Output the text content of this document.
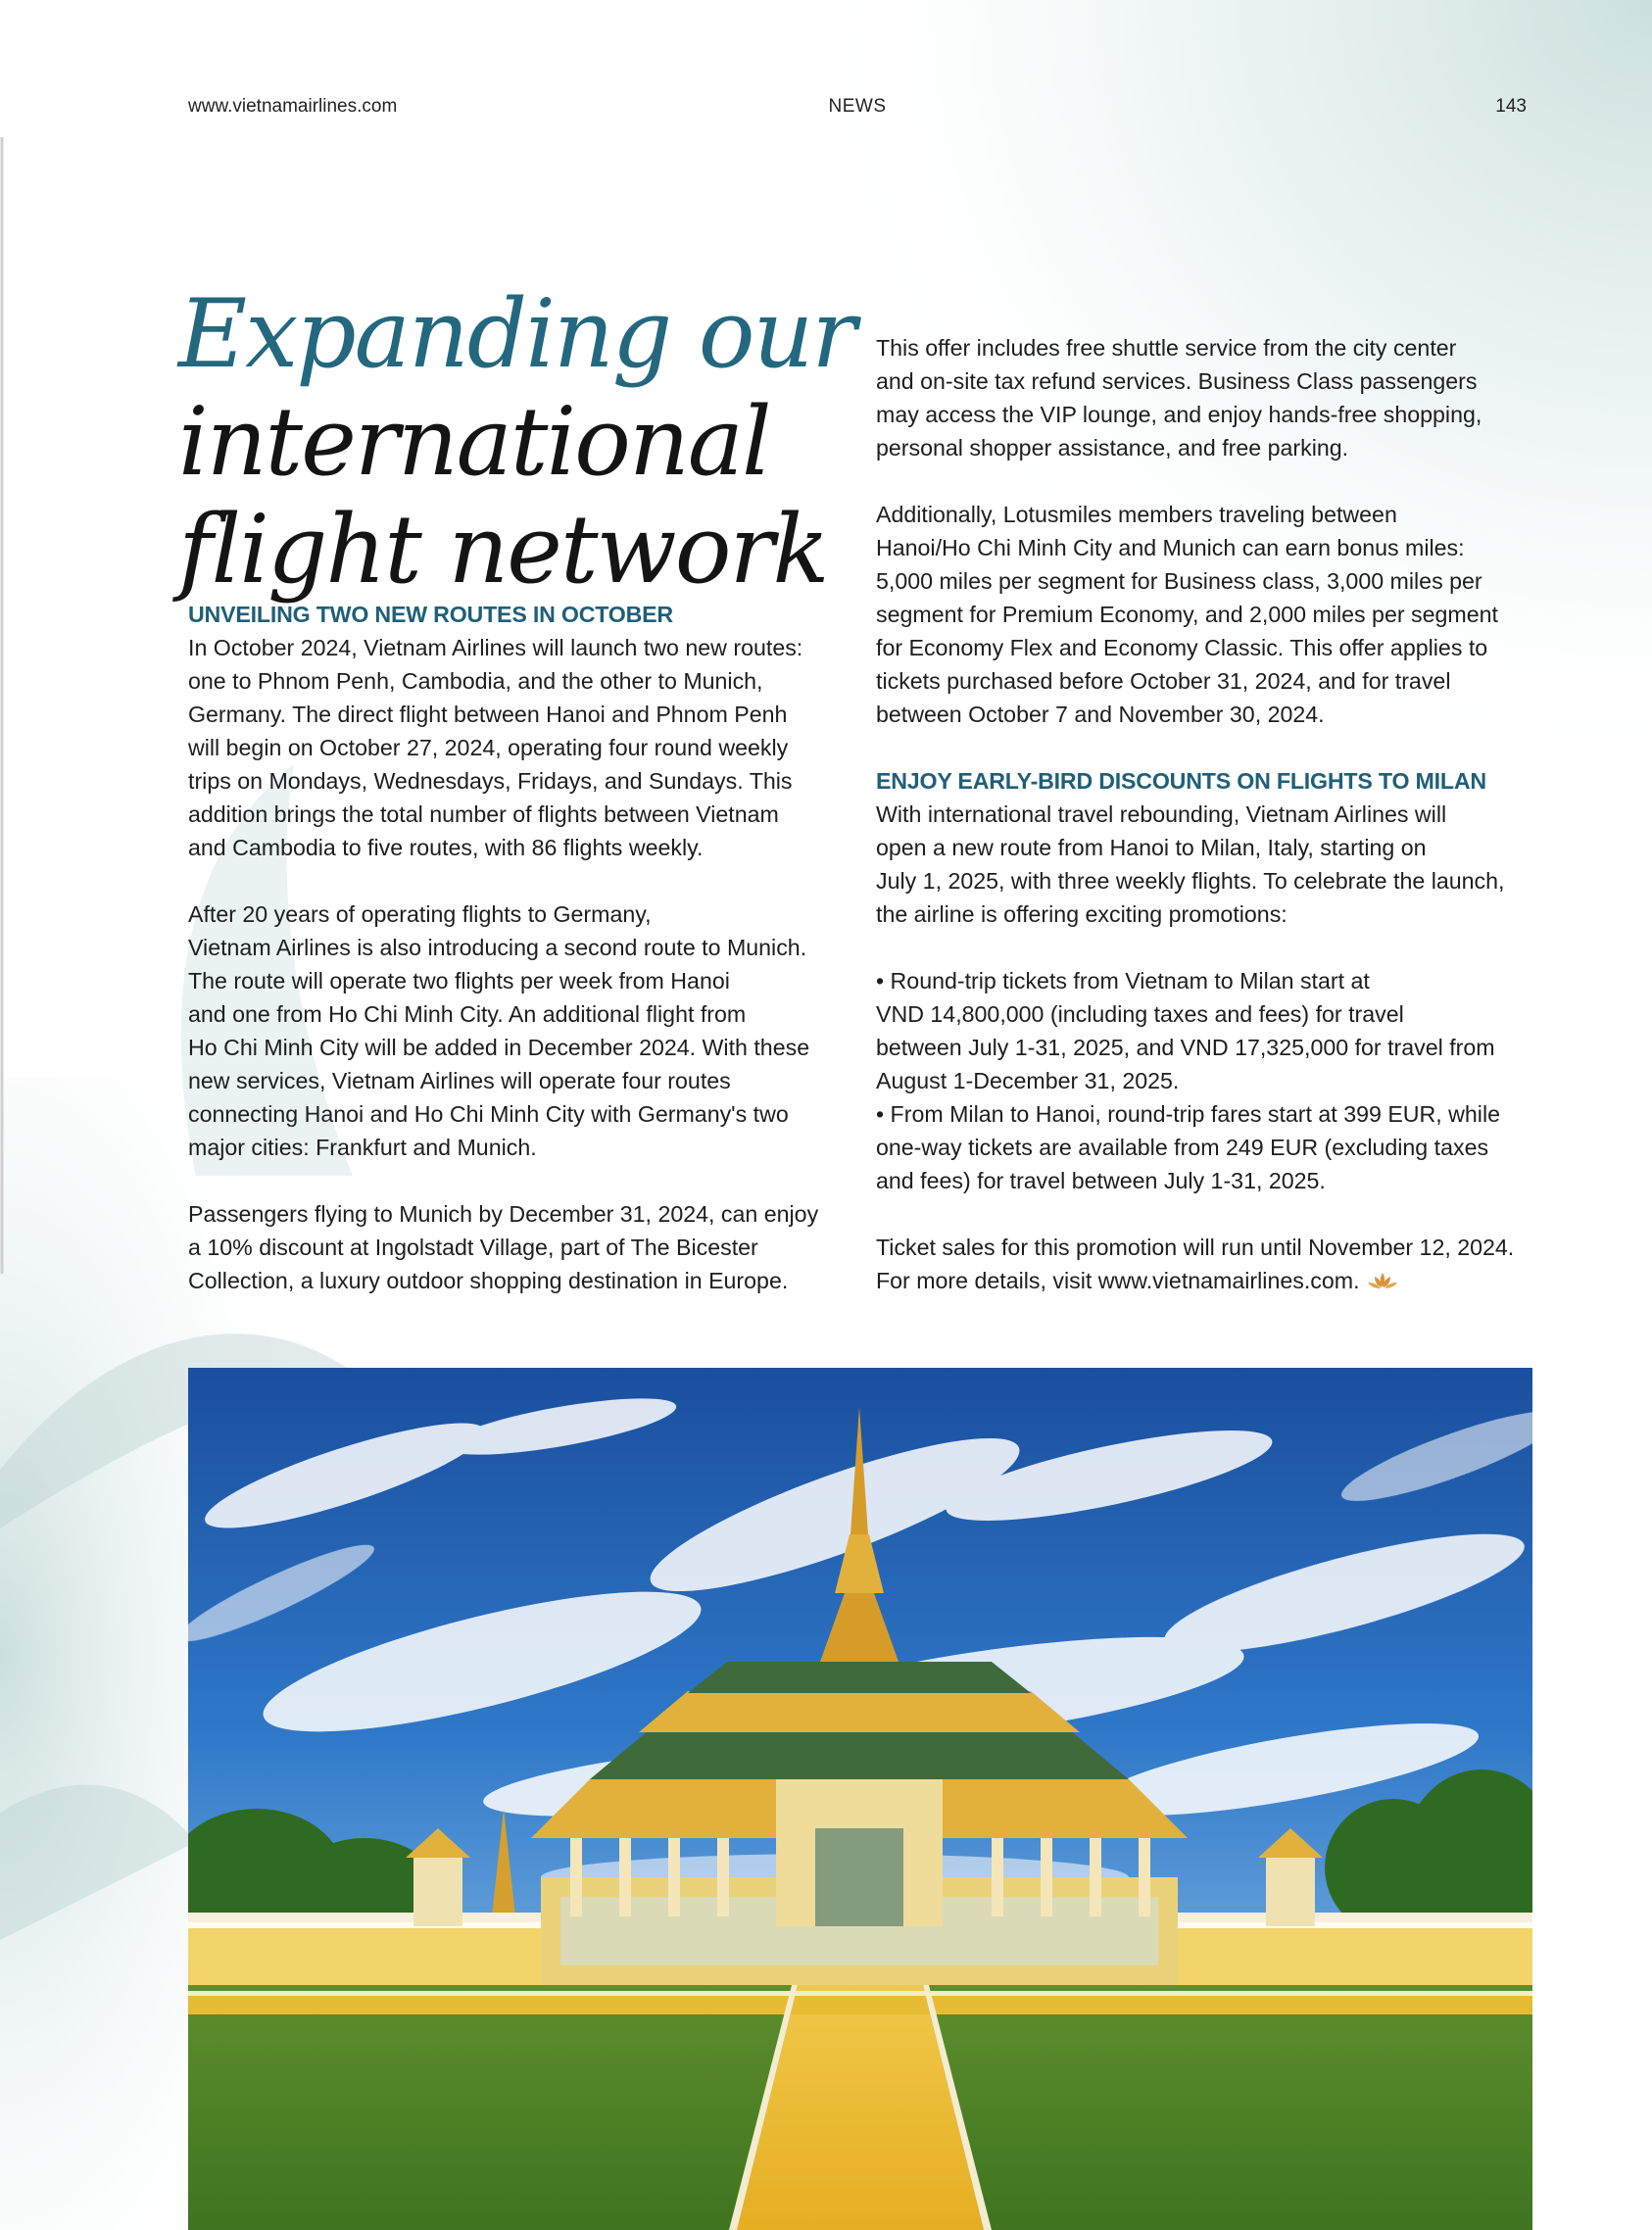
www.vietnamairlines.com	NEWS	143
Expanding our
international
flight network
UNVEILING TWO NEW ROUTES IN OCTOBER

In October 2024, Vietnam Airlines will launch two new routes:
one to Phnom Penh, Cambodia, and the other to Munich,
Germany. The direct flight between Hanoi and Phnom Penh
will begin on October 27, 2024, operating four round weekly
trips on Mondays, Wednesdays, Fridays, and Sundays. This
addition brings the total number of flights between Vietnam
and Cambodia to five routes, with 86 flights weekly.

After 20 years of operating flights to Germany,
Vietnam Airlines is also introducing a second route to Munich.
The route will operate two flights per week from Hanoi
and one from Ho Chi Minh City. An additional flight from
Ho Chi Minh City will be added in December 2024. With these
new services, Vietnam Airlines will operate four routes
connecting Hanoi and Ho Chi Minh City with Germany's two
major cities: Frankfurt and Munich.

Passengers flying to Munich by December 31, 2024, can enjoy
a 10% discount at Ingolstadt Village, part of The Bicester
Collection, a luxury outdoor shopping destination in Europe.

This offer includes free shuttle service from the city center
and on-site tax refund services. Business Class passengers
may access the VIP lounge, and enjoy hands-free shopping,
personal shopper assistance, and free parking.

Additionally, Lotusmiles members traveling between
Hanoi/Ho Chi Minh City and Munich can earn bonus miles:
5,000 miles per segment for Business class, 3,000 miles per
segment for Premium Economy, and 2,000 miles per segment
for Economy Flex and Economy Classic. This offer applies to
tickets purchased before October 31, 2024, and for travel
between October 7 and November 30, 2024.

ENJOY EARLY-BIRD DISCOUNTS ON FLIGHTS TO MILAN

With international travel rebounding, Vietnam Airlines will
open a new route from Hanoi to Milan, Italy, starting on
July 1, 2025, with three weekly flights. To celebrate the launch,
the airline is offering exciting promotions:

• Round-trip tickets from Vietnam to Milan start at
VND 14,800,000 (including taxes and fees) for travel
between July 1-31, 2025, and VND 17,325,000 for travel from
August 1-December 31, 2025.
• From Milan to Hanoi, round-trip fares start at 399 EUR, while
one-way tickets are available from 249 EUR (excluding taxes
and fees) for travel between July 1-31, 2025.

Ticket sales for this promotion will run until November 12, 2024.
For more details, visit www.vietnamairlines.com.
